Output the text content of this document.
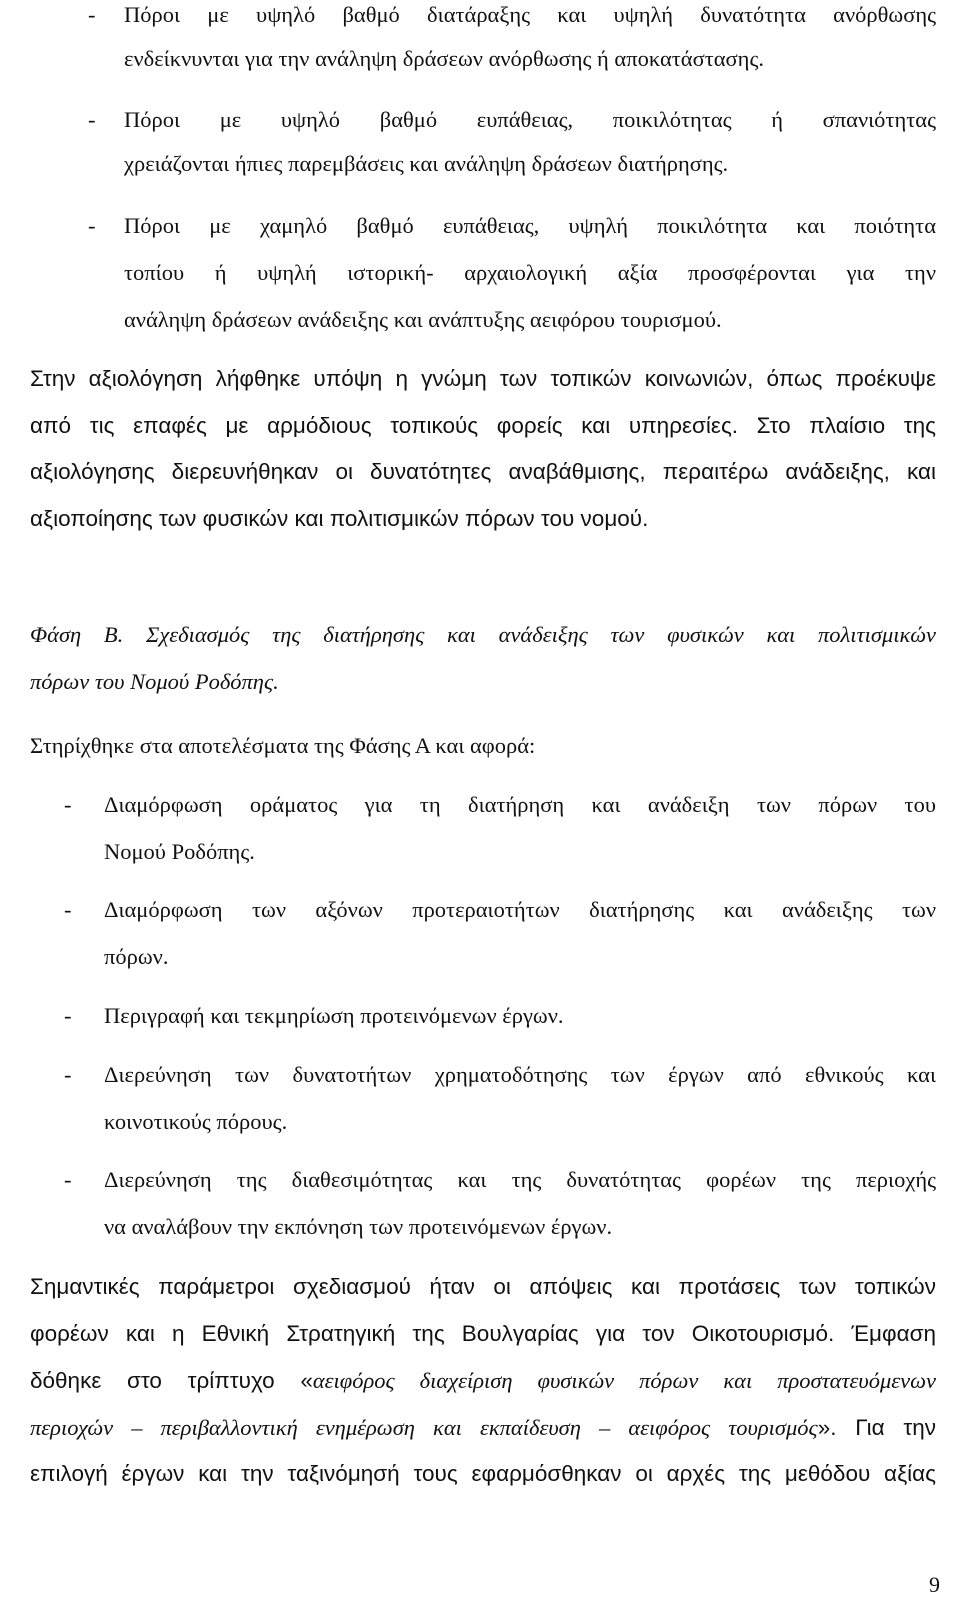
- Πόροι με υψηλό βαθμό διατάραξης και υψηλή δυνατότητα ανόρθωσης
ενδείκνυνται για την ανάληψη δράσεων ανόρθωσης ή αποκατάστασης.
- Πόροι με υψηλό βαθμό ευπάθειας, ποικιλότητας ή σπανιότητας
χρειάζονται ήπιες παρεμβάσεις και ανάληψη δράσεων διατήρησης.
- Πόροι με χαμηλό βαθμό ευπάθειας, υψηλή ποικιλότητα και ποιότητα
τοπίου ή υψηλή ιστορική- αρχαιολογική αξία προσφέρονται για την
ανάληψη δράσεων ανάδειξης και ανάπτυξης αειφόρου τουρισμού.
Στην αξιολόγηση λήφθηκε υπόψη η γνώμη των τοπικών κοινωνιών, όπως προέκυψε
από τις επαφές με αρμόδιους τοπικούς φορείς και υπηρεσίες. Στο πλαίσιο της
αξιολόγησης διερευνήθηκαν οι δυνατότητες αναβάθμισης, περαιτέρω ανάδειξης, και
αξιοποίησης των φυσικών και πολιτισμικών πόρων του νομού.
Φάση Β. Σχεδιασμός της διατήρησης και ανάδειξης των φυσικών και πολιτισμικών
πόρων του Νομού Ροδόπης.
Στηρίχθηκε στα αποτελέσματα της Φάσης Α και αφορά:
- Διαμόρφωση οράματος για τη διατήρηση και ανάδειξη των πόρων του
Νομού Ροδόπης.
- Διαμόρφωση των αξόνων προτεραιοτήτων διατήρησης και ανάδειξης των
πόρων.
- Περιγραφή και τεκμηρίωση προτεινόμενων έργων.
- Διερεύνηση των δυνατοτήτων χρηματοδότησης των έργων από εθνικούς και
κοινοτικούς πόρους.
- Διερεύνηση της διαθεσιμότητας και της δυνατότητας φορέων της περιοχής
να αναλάβουν την εκπόνηση των προτεινόμενων έργων.
Σημαντικές παράμετροι σχεδιασμού ήταν οι απόψεις και προτάσεις των τοπικών
φορέων και η Εθνική Στρατηγική της Βουλγαρίας για τον Οικοτουρισμό. Έμφαση
δόθηκε στο τρίπτυχο «αειφόρος διαχείριση φυσικών πόρων και προστατευόμενων
περιοχών – περιβαλλοντική ενημέρωση και εκπαίδευση – αειφόρος τουρισμός». Για την
επιλογή έργων και την ταξινόμησή τους εφαρμόσθηκαν οι αρχές της μεθόδου αξίας
9
